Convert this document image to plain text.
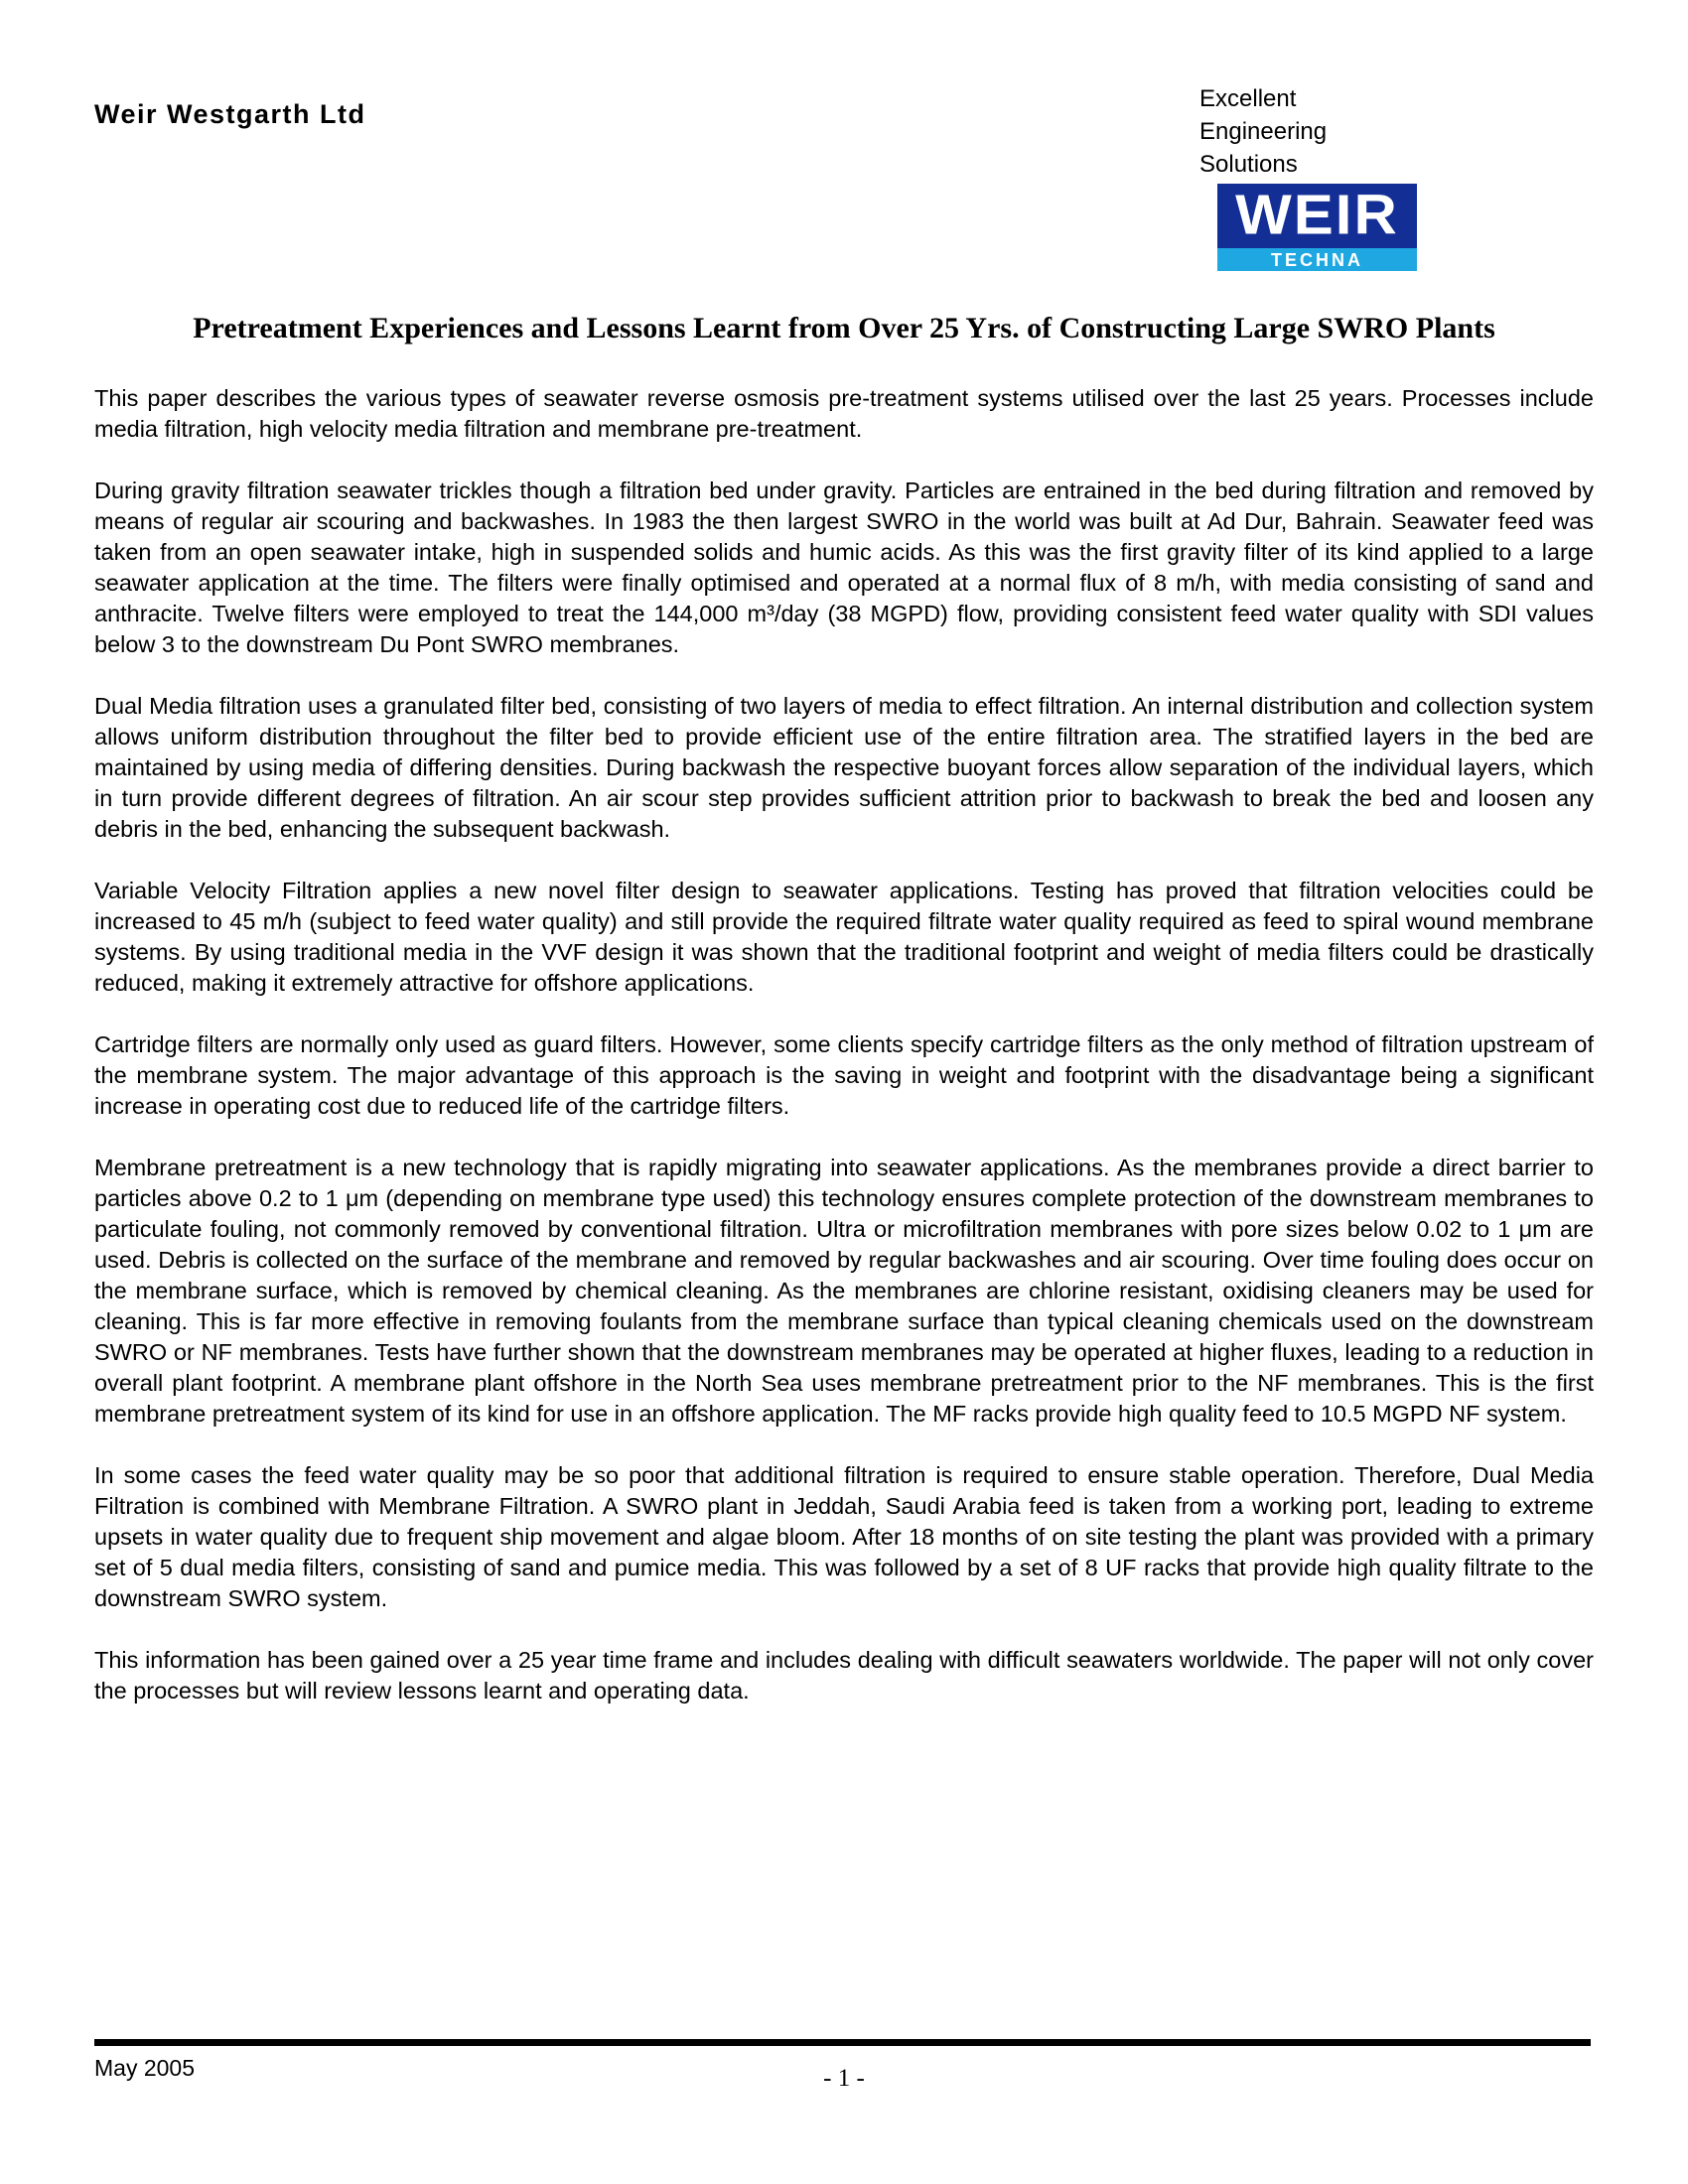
Weir Westgarth Ltd
Excellent
Engineering
Solutions
WEIR
TECHNA
Pretreatment Experiences and Lessons Learnt from Over 25 Yrs. of Constructing Large SWRO Plants

This paper describes the various types of seawater reverse osmosis pre-treatment systems utilised over the last 25 years. Processes include media filtration, high velocity media filtration and membrane pre-treatment.

During gravity filtration seawater trickles though a filtration bed under gravity. Particles are entrained in the bed during filtration and removed by means of regular air scouring and backwashes. In 1983 the then largest SWRO in the world was built at Ad Dur, Bahrain. Seawater feed was taken from an open seawater intake, high in suspended solids and humic acids. As this was the first gravity filter of its kind applied to a large seawater application at the time. The filters were finally optimised and operated at a normal flux of 8 m/h, with media consisting of sand and anthracite. Twelve filters were employed to treat the 144,000 m³/day (38 MGPD) flow, providing consistent feed water quality with SDI values below 3 to the downstream Du Pont SWRO membranes.

Dual Media filtration uses a granulated filter bed, consisting of two layers of media to effect filtration. An internal distribution and collection system allows uniform distribution throughout the filter bed to provide efficient use of the entire filtration area. The stratified layers in the bed are maintained by using media of differing densities. During backwash the respective buoyant forces allow separation of the individual layers, which in turn provide different degrees of filtration. An air scour step provides sufficient attrition prior to backwash to break the bed and loosen any debris in the bed, enhancing the subsequent backwash.

Variable Velocity Filtration applies a new novel filter design to seawater applications. Testing has proved that filtration velocities could be increased to 45 m/h (subject to feed water quality) and still provide the required filtrate water quality required as feed to spiral wound membrane systems. By using traditional media in the VVF design it was shown that the traditional footprint and weight of media filters could be drastically reduced, making it extremely attractive for offshore applications.

Cartridge filters are normally only used as guard filters. However, some clients specify cartridge filters as the only method of filtration upstream of the membrane system. The major advantage of this approach is the saving in weight and footprint with the disadvantage being a significant increase in operating cost due to reduced life of the cartridge filters.

Membrane pretreatment is a new technology that is rapidly migrating into seawater applications. As the membranes provide a direct barrier to particles above 0.2 to 1 μm (depending on membrane type used) this technology ensures complete protection of the downstream membranes to particulate fouling, not commonly removed by conventional filtration. Ultra or microfiltration membranes with pore sizes below 0.02 to 1 μm are used. Debris is collected on the surface of the membrane and removed by regular backwashes and air scouring. Over time fouling does occur on the membrane surface, which is removed by chemical cleaning. As the membranes are chlorine resistant, oxidising cleaners may be used for cleaning. This is far more effective in removing foulants from the membrane surface than typical cleaning chemicals used on the downstream SWRO or NF membranes. Tests have further shown that the downstream membranes may be operated at higher fluxes, leading to a reduction in overall plant footprint. A membrane plant offshore in the North Sea uses membrane pretreatment prior to the NF membranes. This is the first membrane pretreatment system of its kind for use in an offshore application. The MF racks provide high quality feed to 10.5 MGPD NF system.

In some cases the feed water quality may be so poor that additional filtration is required to ensure stable operation. Therefore, Dual Media Filtration is combined with Membrane Filtration. A SWRO plant in Jeddah, Saudi Arabia feed is taken from a working port, leading to extreme upsets in water quality due to frequent ship movement and algae bloom. After 18 months of on site testing the plant was provided with a primary set of 5 dual media filters, consisting of sand and pumice media. This was followed by a set of 8 UF racks that provide high quality filtrate to the downstream SWRO system.

This information has been gained over a 25 year time frame and includes dealing with difficult seawaters worldwide. The paper will not only cover the processes but will review lessons learnt and operating data.

May 2005	- 1 -
